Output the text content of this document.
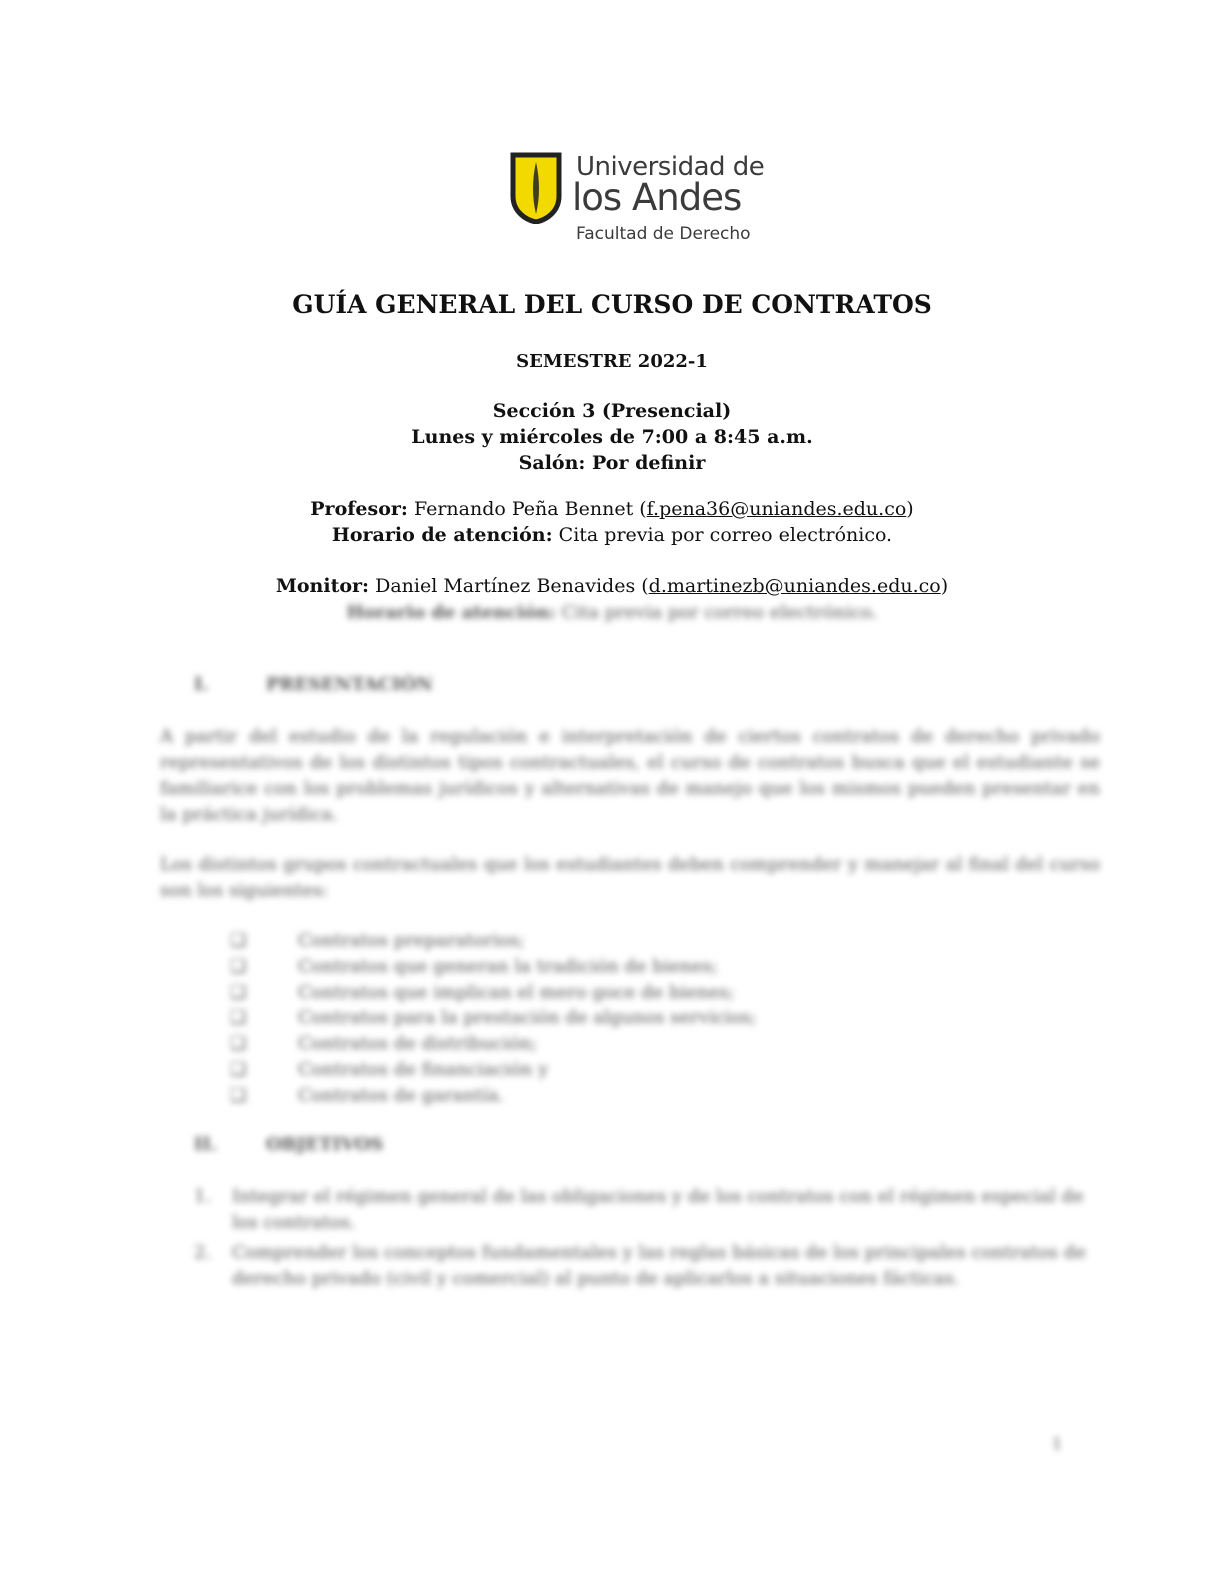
Universidad de
los Andes
Facultad de Derecho
GUÍA GENERAL DEL CURSO DE CONTRATOS
SEMESTRE 2022-1
Sección 3 (Presencial)
Lunes y miércoles de 7:00 a 8:45 a.m.
Salón: Por definir
Profesor: Fernando Peña Bennet (f.pena36@uniandes.edu.co)
Horario de atención: Cita previa por correo electrónico.
Monitor: Daniel Martínez Benavides (d.martinezb@uniandes.edu.co)
Horario de atención: Cita previa por correo electrónico.
I.	PRESENTACIÓN
A partir del estudio de la regulación e interpretación de ciertos contratos de derecho privado representativos de los distintos tipos contractuales, el curso de contratos busca que el estudiante se familiarice con los problemas jurídicos y alternativas de manejo que los mismos pueden presentar en la práctica jurídica.
Los distintos grupos contractuales que los estudiantes deben comprender y manejar al final del curso son los siguientes:
❑	Contratos preparatorios;
❑	Contratos que generan la tradición de bienes;
❑	Contratos que implican el mero goce de bienes;
❑	Contratos para la prestación de algunos servicios;
❑	Contratos de distribución;
❑	Contratos de financiación y
❑	Contratos de garantía.
II.	OBJETIVOS
1. Integrar el régimen general de las obligaciones y de los contratos con el régimen especial de los contratos.
2. Comprender los conceptos fundamentales y las reglas básicas de los principales contratos de derecho privado (civil y comercial) al punto de aplicarlos a situaciones fácticas.
1
